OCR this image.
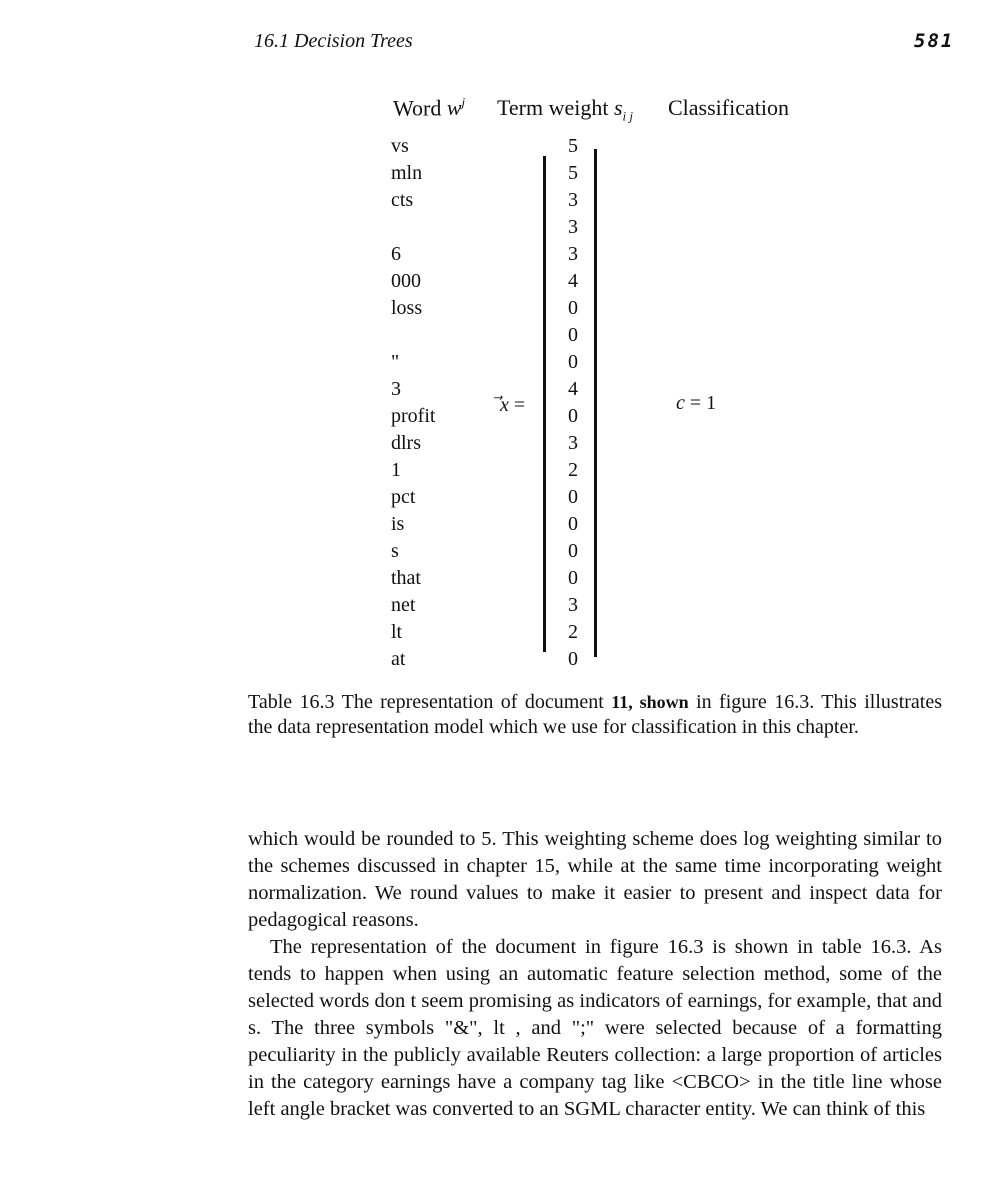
16.1 Decision Trees	581
Word $w^j$ Term weight $s_{i j}$ Classification
vs
mln
cts
6
000
loss
"
3
profit
dlrs
1
pct
is
s
that
net
lt
at
5
5
3
3
3
4
0
0
0
4
0
3
2
0
0
0
0
3
2
0
x =	c = 1
Table 16.3 The representation of document 11, shown in figure 16.3. This illustrates the data representation model which we use for classification in this chapter.

which would be rounded to 5. This weighting scheme does log weighting similar to the schemes discussed in chapter 15, while at the same time incorporating weight normalization. We round values to make it easier to present and inspect data for pedagogical reasons.

The representation of the document in figure 16.3 is shown in table 16.3. As tends to happen when using an automatic feature selection method, some of the selected words don t seem promising as indicators of earnings, for example, that and s. The three symbols "&", lt , and ";" were selected because of a formatting peculiarity in the publicly available Reuters collection: a large proportion of articles in the category earnings have a company tag like <CBCO> in the title line whose left angle bracket was converted to an SGML character entity. We can think of this
